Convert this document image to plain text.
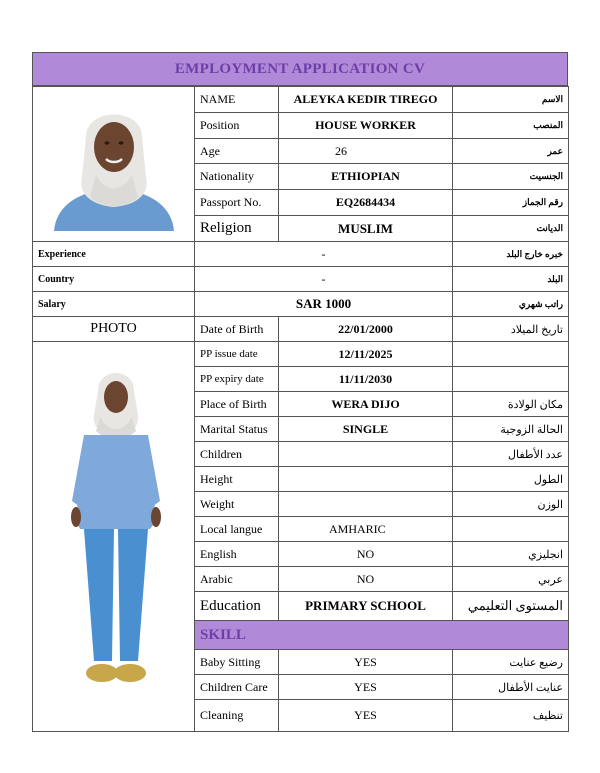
EMPLOYMENT APPLICATION CV
	NAME	ALEYKA KEDIR TIREGO	الاسم
	Position	HOUSE WORKER	المنصب
	Age	26	عمر
	Nationality	ETHIOPIAN	الجنسيت
	Passport No.	EQ2684434	رقم الجماز
	Religion	MUSLIM	الديانت
Experience	-		خبره خارج البلد
Country	-		البلد
Salary	SAR 1000		راتب شهري
PHOTO	Date of Birth	22/01/2000	تاريخ الميلاد

	PP issue date	12/11/2025	
	PP expiry date	11/11/2030	
	Place of Birth	WERA DIJO	مكان الولادة
	Marital Status	SINGLE	الحالة الزوجية
	Children		عدد الأطفال
	Height		الطول
	Weight		الوزن
	Local langue	AMHARIC	
	English	NO	انجليزي
	Arabic	NO	عربي
	Education	PRIMARY SCHOOL	المستوى التعليمي
	SKILL		
	Baby Sitting	YES	رضيع عنايت
	Children Care	YES	عنايت الأطفال
	Cleaning	YES	تنظيف
